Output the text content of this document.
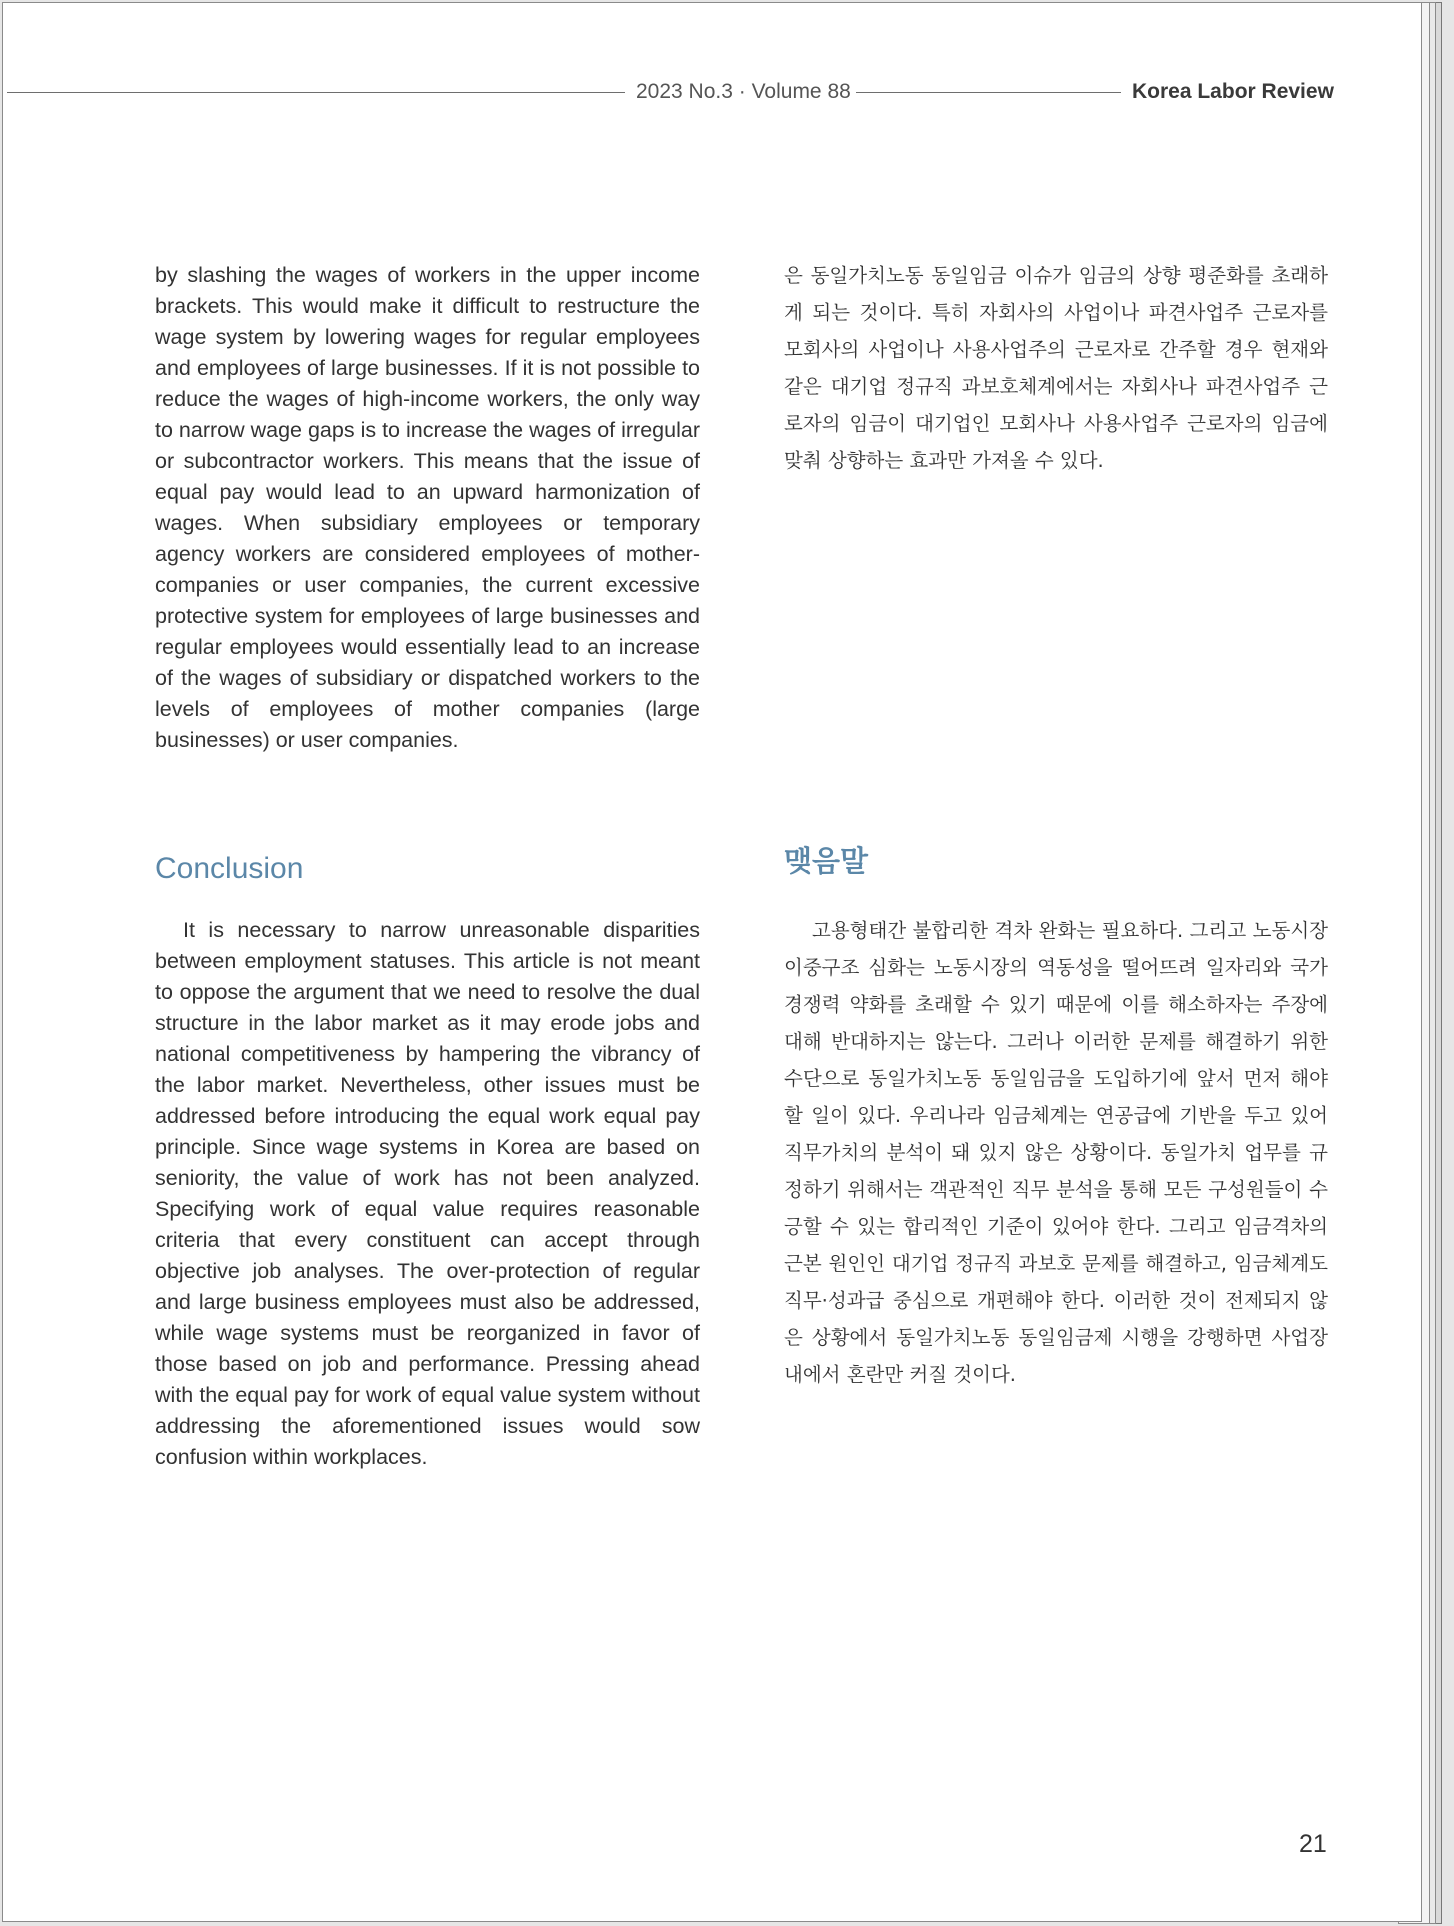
2023 No.3 · Volume 88	Korea Labor Review

by slashing the wages of workers in the upper income brackets. This would make it difficult to restructure the wage system by lowering wages for regular employees and employees of large businesses. If it is not possible to reduce the wages of high-income workers, the only way to narrow wage gaps is to increase the wages of irregular or subcontractor workers. This means that the issue of equal pay would lead to an upward harmonization of wages. When subsidiary employees or temporary agency workers are considered employees of mother-companies or user companies, the current excessive protective system for employees of large businesses and regular employees would essentially lead to an increase of the wages of subsidiary or dispatched workers to the levels of employees of mother companies (large businesses) or user companies.

Conclusion

It is necessary to narrow unreasonable disparities between employment statuses. This article is not meant to oppose the argument that we need to resolve the dual structure in the labor market as it may erode jobs and national competitiveness by hampering the vibrancy of the labor market. Nevertheless, other issues must be addressed before introducing the equal work equal pay principle. Since wage systems in Korea are based on seniority, the value of work has not been analyzed. Specifying work of equal value requires reasonable criteria that every constituent can accept through objective job analyses. The over-protection of regular and large business employees must also be addressed, while wage systems must be reorganized in favor of those based on job and performance. Pressing ahead with the equal pay for work of equal value system without addressing the aforementioned issues would sow confusion within workplaces.

은 동일가치노동 동일임금 이슈가 임금의 상향 평준화를 초래하게 되는 것이다. 특히 자회사의 사업이나 파견사업주 근로자를 모회사의 사업이나 사용사업주의 근로자로 간주할 경우 현재와 같은 대기업 정규직 과보호체계에서는 자회사나 파견사업주 근로자의 임금이 대기업인 모회사나 사용사업주 근로자의 임금에 맞춰 상향하는 효과만 가져올 수 있다.

맺음말

고용형태간 불합리한 격차 완화는 필요하다. 그리고 노동시장 이중구조 심화는 노동시장의 역동성을 떨어뜨려 일자리와 국가경쟁력 약화를 초래할 수 있기 때문에 이를 해소하자는 주장에 대해 반대하지는 않는다. 그러나 이러한 문제를 해결하기 위한 수단으로 동일가치노동 동일임금을 도입하기에 앞서 먼저 해야 할 일이 있다. 우리나라 임금체계는 연공급에 기반을 두고 있어 직무가치의 분석이 돼 있지 않은 상황이다. 동일가치 업무를 규정하기 위해서는 객관적인 직무 분석을 통해 모든 구성원들이 수긍할 수 있는 합리적인 기준이 있어야 한다. 그리고 임금격차의 근본 원인인 대기업 정규직 과보호 문제를 해결하고, 임금체계도 직무·성과급 중심으로 개편해야 한다. 이러한 것이 전제되지 않은 상황에서 동일가치노동 동일임금제 시행을 강행하면 사업장 내에서 혼란만 커질 것이다.

21
